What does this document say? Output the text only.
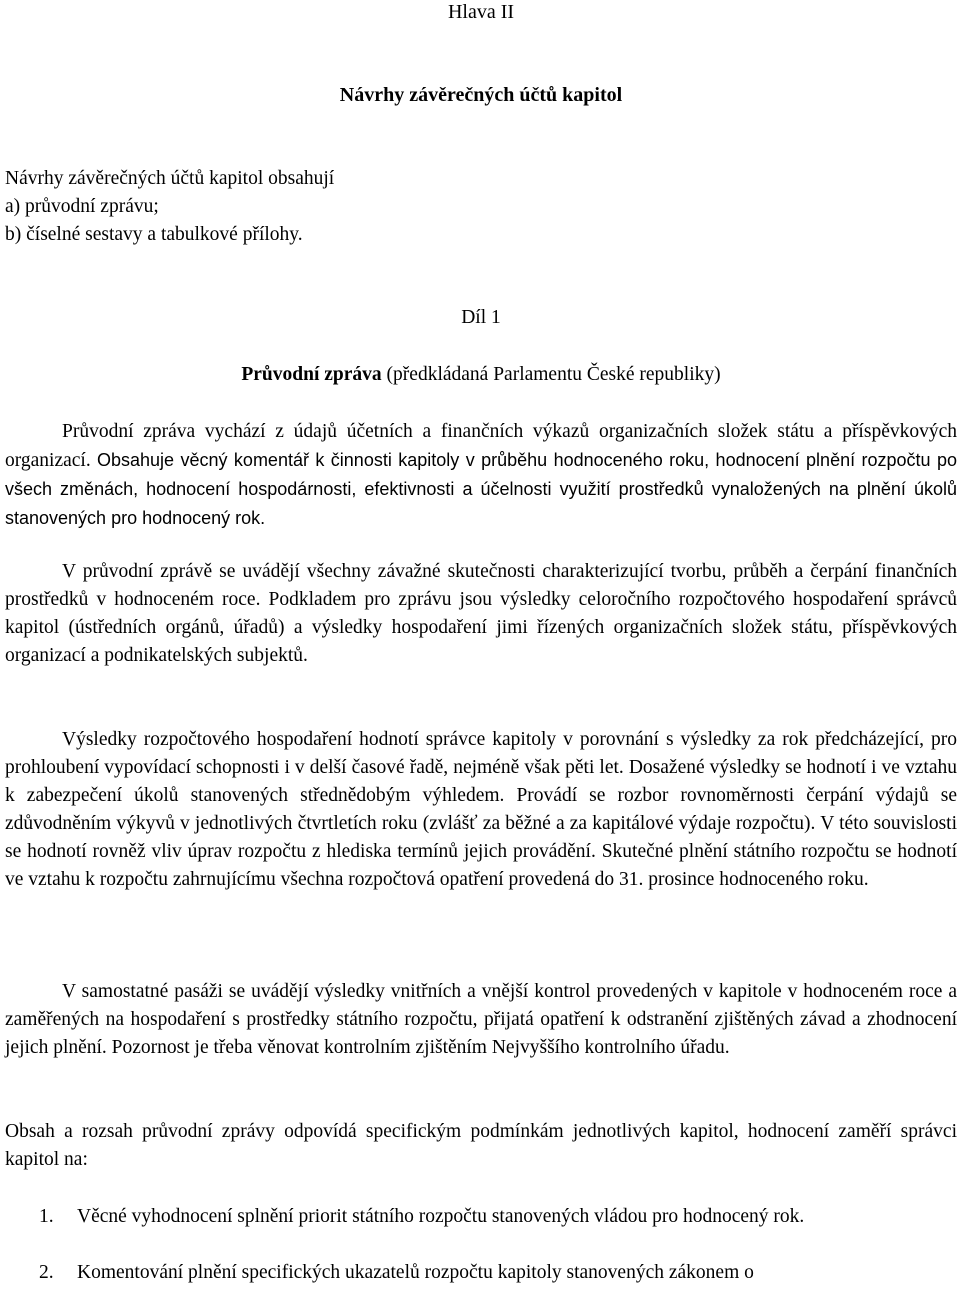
Hlava II
Návrhy závěrečných účtů kapitol

Návrhy závěrečných účtů kapitol obsahují

a) průvodní zprávu;

b) číselné sestavy a tabulkové přílohy.

Díl 1
Průvodní zpráva (předkládaná Parlamentu České republiky)

Průvodní zpráva vychází z údajů účetních a finančních výkazů organizačních složek státu a příspěvkových organizací. Obsahuje věcný komentář k činnosti kapitoly v průběhu hodnoceného roku, hodnocení plnění rozpočtu po všech změnách, hodnocení hospodárnosti, efektivnosti a účelnosti využití prostředků vynaložených na plnění úkolů stanovených pro hodnocený rok.

V průvodní zprávě se uvádějí všechny závažné skutečnosti charakterizující tvorbu, průběh a čerpání finančních prostředků v hodnoceném roce. Podkladem pro zprávu jsou výsledky celoročního rozpočtového hospodaření správců kapitol (ústředních orgánů, úřadů) a výsledky hospodaření jimi řízených organizačních složek státu, příspěvkových organizací a podnikatelských subjektů.

Výsledky rozpočtového hospodaření hodnotí správce kapitoly v porovnání s výsledky za rok předcházející, pro prohloubení vypovídací schopnosti i v delší časové řadě, nejméně však pěti let. Dosažené výsledky se hodnotí i ve vztahu k zabezpečení úkolů stanovených střednědobým výhledem. Provádí se rozbor rovnoměrnosti čerpání výdajů se zdůvodněním výkyvů v jednotlivých čtvrtletích roku (zvlášť za běžné a za kapitálové výdaje rozpočtu). V této souvislosti se hodnotí rovněž vliv úprav rozpočtu z hlediska termínů jejich provádění. Skutečné plnění státního rozpočtu se hodnotí ve vztahu k rozpočtu zahrnujícímu všechna rozpočtová opatření provedená do 31. prosince hodnoceného roku.

V samostatné pasáži se uvádějí výsledky vnitřních a vnější kontrol provedených v kapitole v hodnoceném roce a zaměřených na hospodaření s prostředky státního rozpočtu, přijatá opatření k odstranění zjištěných závad a zhodnocení jejich plnění. Pozornost je třeba věnovat kontrolním zjištěním Nejvyššího kontrolního úřadu.

Obsah a rozsah průvodní zprávy odpovídá specifickým podmínkám jednotlivých kapitol, hodnocení zaměří správci kapitol na:

1. Věcné vyhodnocení splnění priorit státního rozpočtu stanovených vládou pro hodnocený rok.
2. Komentování plnění specifických ukazatelů rozpočtu kapitoly stanovených zákonem o
